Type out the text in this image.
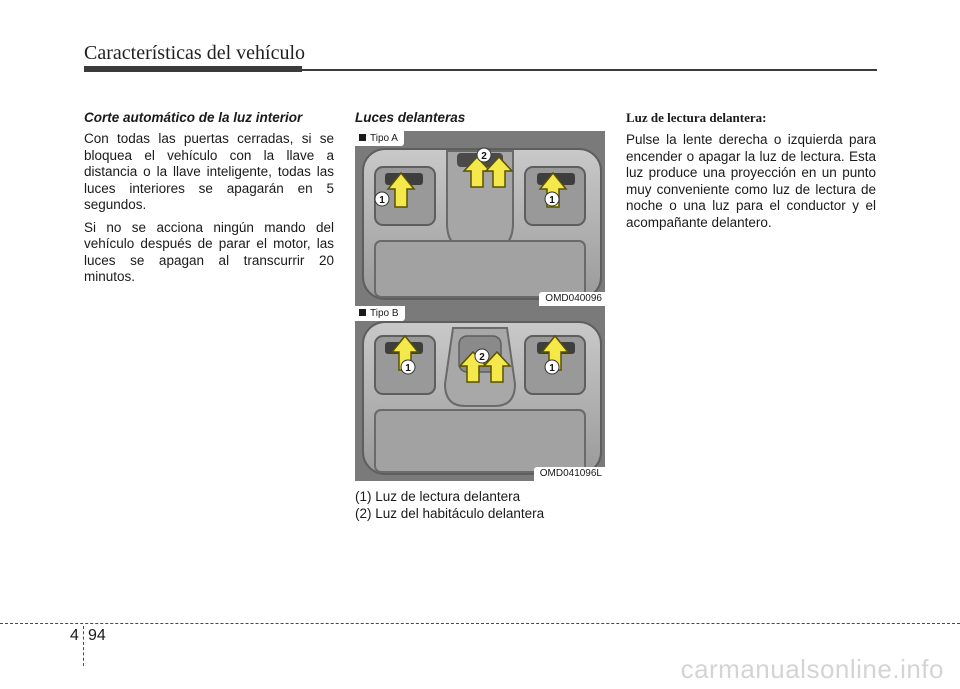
Características del vehículo
Corte automático de la luz interior

Con todas las puertas cerradas, si se bloquea el vehículo con la llave a distancia o la llave inteligente, todas las luces interiores se apagarán en 5 segundos.

Si no se acciona ningún mando del vehículo después de parar el motor, las luces se apagan al transcurrir 20 minutos.

Luces delanteras
1
2
1
Tipo A
OMD040096
1
2
1
Tipo B
OMD041096L
(1) Luz de lectura delantera
(2) Luz del habitáculo delantera
Luz de lectura delantera:

Pulse la lente derecha o izquierda para encender o apagar la luz de lectura. Esta luz produce una proyección en un punto muy conveniente como luz de lectura de noche o una luz para el conductor y el acompañante delantero.

4 94
carmanualsonline.info
